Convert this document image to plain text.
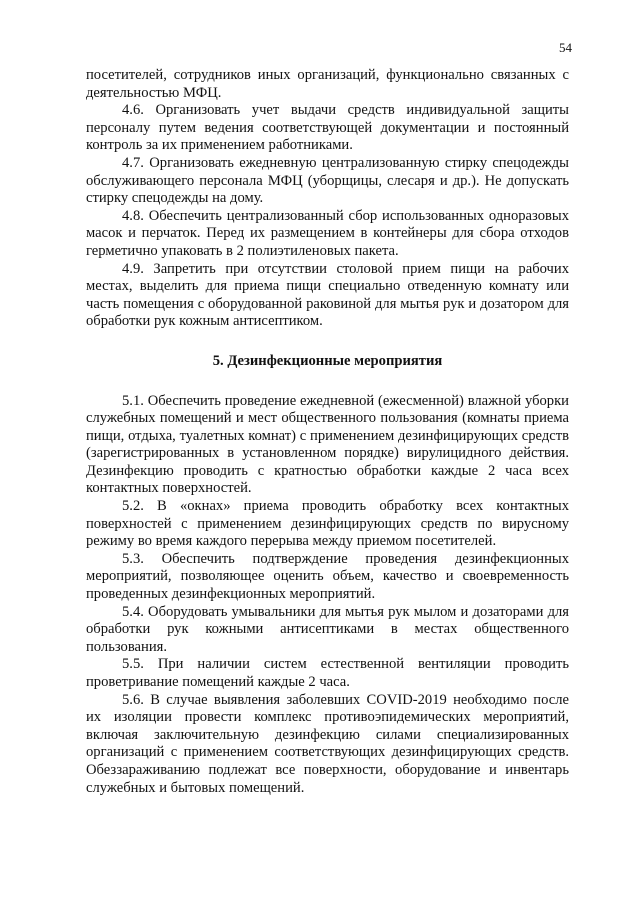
54

посетителей, сотрудников иных организаций, функционально связанных с деятельностью МФЦ.

4.6. Организовать учет выдачи средств индивидуальной защиты персоналу путем ведения соответствующей документации и постоянный контроль за их применением работниками.

4.7. Организовать ежедневную централизованную стирку спецодежды обслуживающего персонала МФЦ (уборщицы, слесаря и др.). Не допускать стирку спецодежды на дому.

4.8. Обеспечить централизованный сбор использованных одноразовых масок и перчаток. Перед их размещением в контейнеры для сбора отходов герметично упаковать в 2 полиэтиленовых пакета.

4.9. Запретить при отсутствии столовой прием пищи на рабочих местах, выделить для приема пищи специально отведенную комнату или часть помещения с оборудованной раковиной для мытья рук и дозатором для обработки рук кожным антисептиком.

5. Дезинфекционные мероприятия

5.1. Обеспечить проведение ежедневной (ежесменной) влажной уборки служебных помещений и мест общественного пользования (комнаты приема пищи, отдыха, туалетных комнат) с применением дезинфицирующих средств (зарегистрированных в установленном порядке) вирулицидного действия. Дезинфекцию проводить с кратностью обработки каждые 2 часа всех контактных поверхностей.

5.2. В «окнах» приема проводить обработку всех контактных поверхностей с применением дезинфицирующих средств по вирусному режиму во время каждого перерыва между приемом посетителей.

5.3. Обеспечить подтверждение проведения дезинфекционных мероприятий, позволяющее оценить объем, качество и своевременность проведенных дезинфекционных мероприятий.

5.4. Оборудовать умывальники для мытья рук мылом и дозаторами для обработки рук кожными антисептиками в местах общественного пользования.

5.5. При наличии систем естественной вентиляции проводить проветривание помещений каждые 2 часа.

5.6. В случае выявления заболевших COVID-2019 необходимо после их изоляции провести комплекс противоэпидемических мероприятий, включая заключительную дезинфекцию силами специализированных организаций с применением соответствующих дезинфицирующих средств. Обеззараживанию подлежат все поверхности, оборудование и инвентарь служебных и бытовых помещений.
